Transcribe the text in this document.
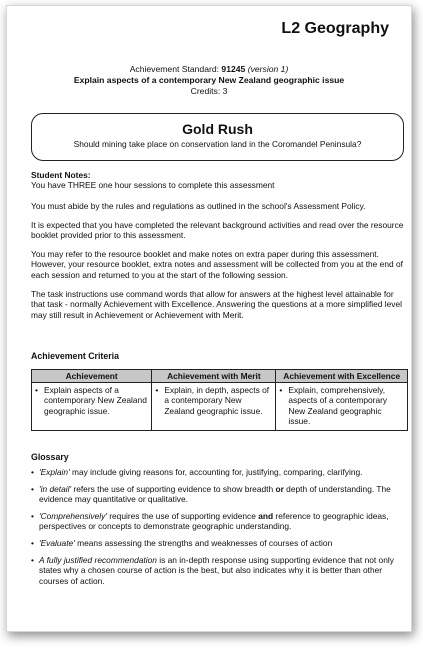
L2 Geography
Achievement Standard: 91245 (version 1)
Explain aspects of a contemporary New Zealand geographic issue
Credits: 3
Gold Rush
Should mining take place on conservation land in the Coromandel Peninsula?

Student Notes:

You have THREE one hour sessions to complete this assessment

You must abide by the rules and regulations as outlined in the school's Assessment Policy.

It is expected that you have completed the relevant background activities and read over the resource booklet provided prior to this assessment.

You may refer to the resource booklet and make notes on extra paper during this assessment. However, your resource booklet, extra notes and assessment will be collected from you at the end of each session and returned to you at the start of the following session.

The task instructions use command words that allow for answers at the highest level attainable for that task - normally Achievement with Excellence. Answering the questions at a more simplified level may still result in Achievement or Achievement with Merit.

Achievement Criteria
Achievement	Achievement with Merit	Achievement with Excellence

• Explain aspects of a contemporary New Zealand geographic issue.	• Explain, in depth, aspects of a contemporary New Zealand geographic issue.	• Explain, comprehensively, aspects of a contemporary New Zealand geographic issue.
Glossary
• 'Explain' may include giving reasons for, accounting for, justifying, comparing, clarifying.
• 'in detail' refers the use of supporting evidence to show breadth or depth of understanding. The evidence may quantitative or qualitative.
• 'Comprehensively' requires the use of supporting evidence and reference to geographic ideas, perspectives or concepts to demonstrate geographic understanding.
• 'Evaluate' means assessing the strengths and weaknesses of courses of action
• A fully justified recommendation is an in-depth response using supporting evidence that not only states why a chosen course of action is the best, but also indicates why it is better than other courses of action.
